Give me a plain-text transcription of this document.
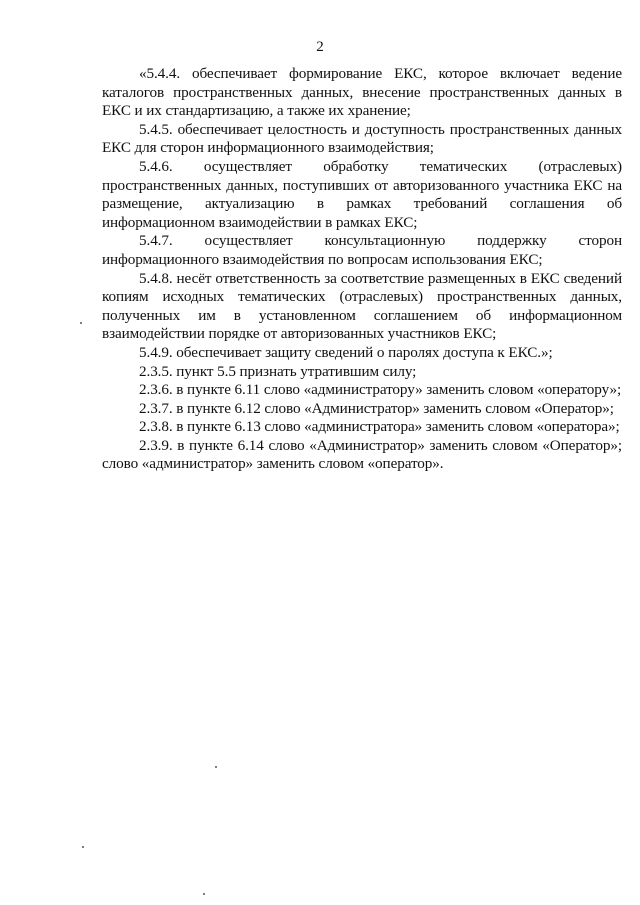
2

«5.4.4. обеспечивает формирование ЕКС, которое включает ведение каталогов пространственных данных, внесение пространственных данных в ЕКС и их стандартизацию, а также их хранение;

5.4.5. обеспечивает целостность и доступность пространственных данных ЕКС для сторон информационного взаимодействия;

5.4.6. осуществляет обработку тематических (отраслевых) пространственных данных, поступивших от авторизованного участника ЕКС на размещение, актуализацию в рамках требований соглашения об информационном взаимодействии в рамках ЕКС;

5.4.7. осуществляет консультационную поддержку сторон информационного взаимодействия по вопросам использования ЕКС;

5.4.8. несёт ответственность за соответствие размещенных в ЕКС сведений копиям исходных тематических (отраслевых) пространственных данных, полученных им в установленном соглашением об информационном взаимодействии порядке от авторизованных участников ЕКС;

5.4.9. обеспечивает защиту сведений о паролях доступа к ЕКС.»;

2.3.5. пункт 5.5 признать утратившим силу;

2.3.6. в пункте 6.11 слово «администратору» заменить словом «оператору»;

2.3.7. в пункте 6.12 слово «Администратор» заменить словом «Оператор»;

2.3.8. в пункте 6.13 слово «администратора» заменить словом «оператора»;

2.3.9. в пункте 6.14 слово «Администратор» заменить словом «Оператор»; слово «администратор» заменить словом «оператор».
